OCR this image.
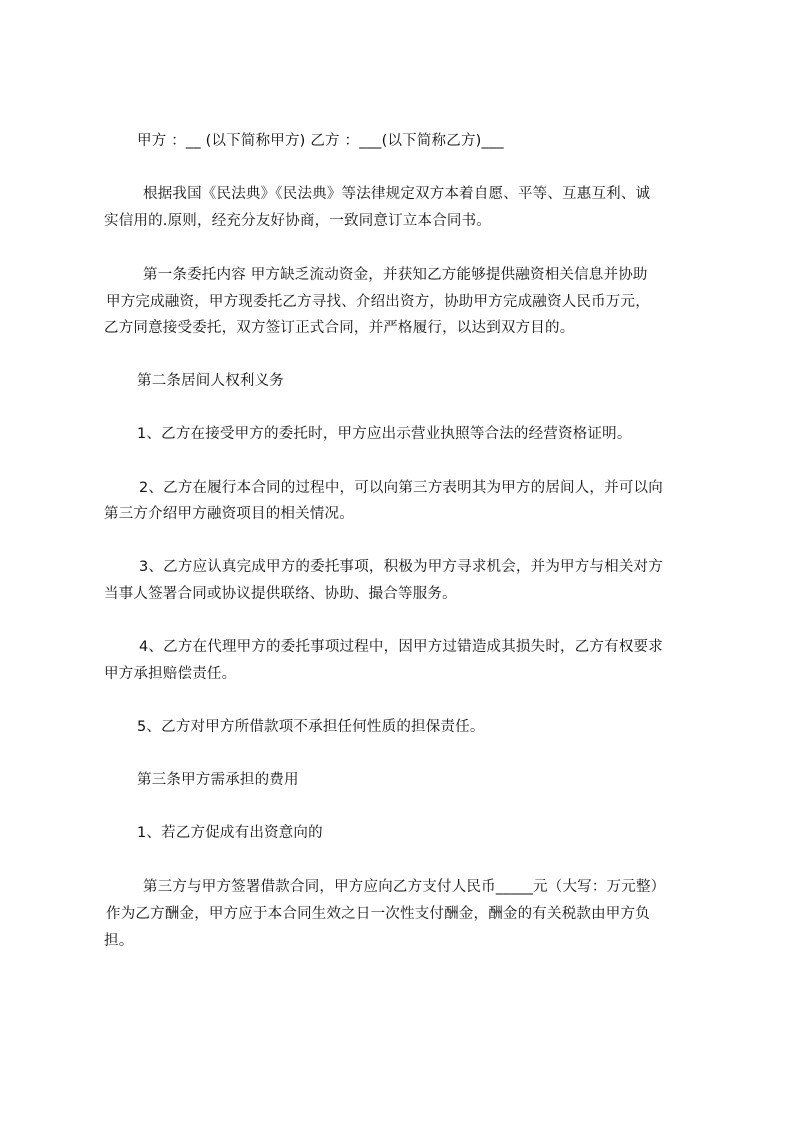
甲方 ：__ (以下简称甲方) 乙方 ：___(以下简称乙方)___

根据我国《民法典》《民法典》等法律规定双方本着自愿、平等、互惠互利、诚

实信用的.原则，经充分友好协商，一致同意订立本合同书。

第一条委托内容 甲方缺乏流动资金，并获知乙方能够提供融资相关信息并协助

甲方完成融资，甲方现委托乙方寻找、介绍出资方，协助甲方完成融资人民币万元，

乙方同意接受委托，双方签订正式合同，并严格履行，以达到双方目的。

第二条居间人权利义务

1、乙方在接受甲方的委托时，甲方应出示营业执照等合法的经营资格证明。

2、乙方在履行本合同的过程中，可以向第三方表明其为甲方的居间人，并可以向

第三方介绍甲方融资项目的相关情况。

3、乙方应认真完成甲方的委托事项，积极为甲方寻求机会，并为甲方与相关对方

当事人签署合同或协议提供联络、协助、撮合等服务。

4、乙方在代理甲方的委托事项过程中，因甲方过错造成其损失时，乙方有权要求

甲方承担赔偿责任。

5、乙方对甲方所借款项不承担任何性质的担保责任。

第三条甲方需承担的费用

1、若乙方促成有出资意向的

第三方与甲方签署借款合同，甲方应向乙方支付人民币_____元（大写：万元整）

作为乙方酬金，甲方应于本合同生效之日一次性支付酬金，酬金的有关税款由甲方负

担。
